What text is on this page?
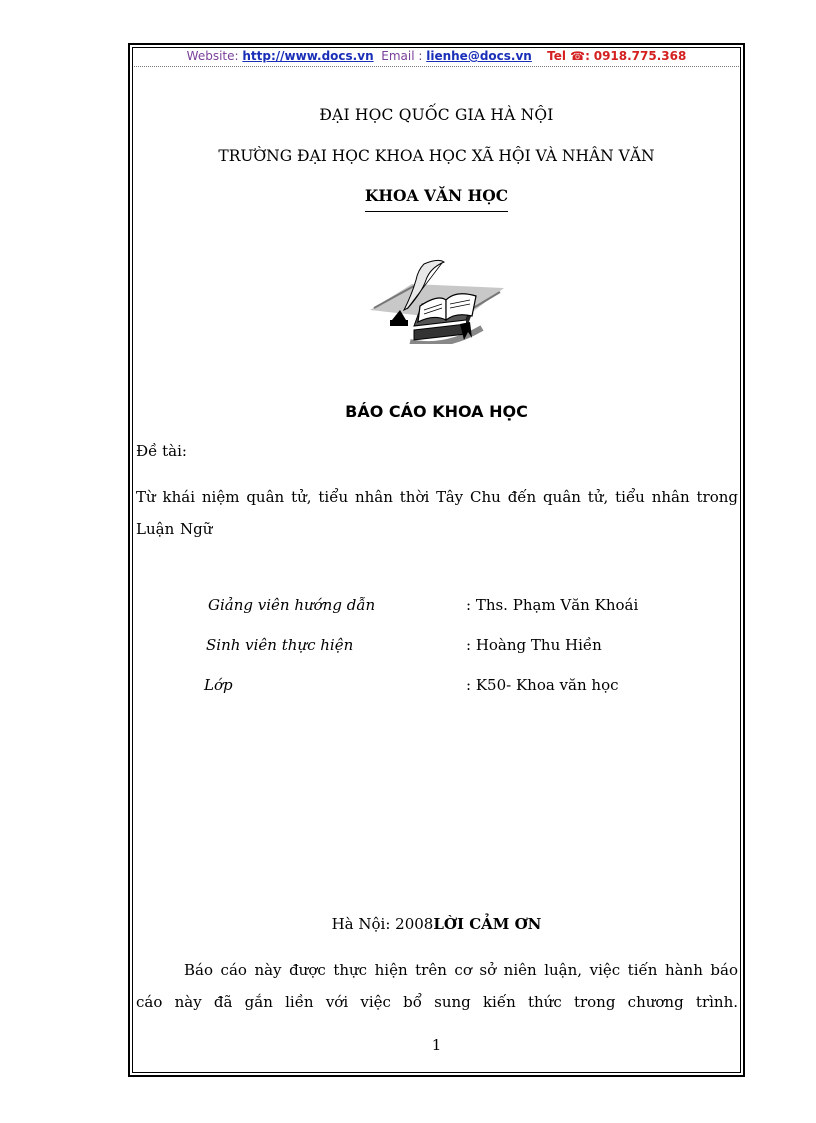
Website: http://www.docs.vn Email : lienhe@docs.vn Tel ☎: 0918.775.368
ĐẠI HỌC QUỐC GIA HÀ NỘI
TRƯỜNG ĐẠI HỌC KHOA HỌC XÃ HỘI VÀ NHÂN VĂN
KHOA VĂN HỌC
BÁO CÁO KHOA HỌC
Đề tài:
Từ khái niệm quân tử, tiểu nhân thời Tây Chu đến quân tử, tiểu nhân trong Luận Ngữ
Giảng viên hướng dẫn	: Ths. Phạm Văn Khoái
Sinh viên thực hiện	: Hoàng Thu Hiền
Lớp	: K50- Khoa văn học
Hà Nội: 2008LỜI CẢM ƠN
Báo cáo này được thực hiện trên cơ sở niên luận, việc tiến hành báo cáo này đã gắn liền với việc bổ sung kiến thức trong chương trình.
1
